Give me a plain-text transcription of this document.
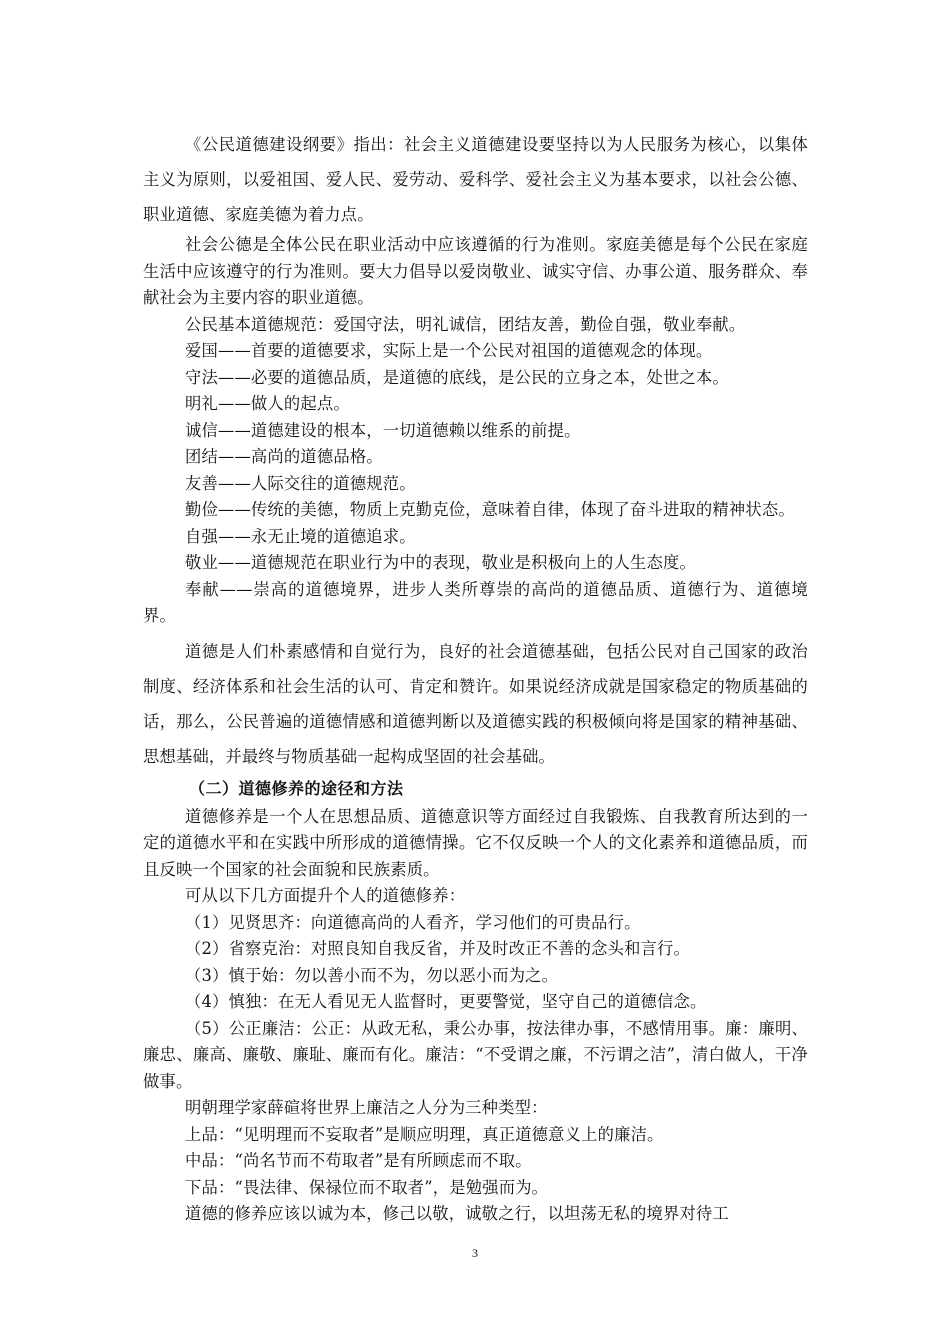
《公民道德建设纲要》指出：社会主义道德建设要坚持以为人民服务为核心，以集体主义为原则，以爱祖国、爱人民、爱劳动、爱科学、爱社会主义为基本要求，以社会公德、职业道德、家庭美德为着力点。

社会公德是全体公民在职业活动中应该遵循的行为准则。家庭美德是每个公民在家庭生活中应该遵守的行为准则。要大力倡导以爱岗敬业、诚实守信、办事公道、服务群众、奉献社会为主要内容的职业道德。

公民基本道德规范：爱国守法，明礼诚信，团结友善，勤俭自强，敬业奉献。

爱国——首要的道德要求，实际上是一个公民对祖国的道德观念的体现。

守法——必要的道德品质，是道德的底线，是公民的立身之本，处世之本。

明礼——做人的起点。

诚信——道德建设的根本，一切道德赖以维系的前提。

团结——高尚的道德品格。

友善——人际交往的道德规范。

勤俭——传统的美德，物质上克勤克俭，意味着自律，体现了奋斗进取的精神状态。

自强——永无止境的道德追求。

敬业——道德规范在职业行为中的表现，敬业是积极向上的人生态度。

奉献——崇高的道德境界，进步人类所尊崇的高尚的道德品质、道德行为、道德境界。

道德是人们朴素感情和自觉行为，良好的社会道德基础，包括公民对自己国家的政治制度、经济体系和社会生活的认可、肯定和赞许。如果说经济成就是国家稳定的物质基础的话，那么，公民普遍的道德情感和道德判断以及道德实践的积极倾向将是国家的精神基础、思想基础，并最终与物质基础一起构成坚固的社会基础。

（二）道德修养的途径和方法

道德修养是一个人在思想品质、道德意识等方面经过自我锻炼、自我教育所达到的一定的道德水平和在实践中所形成的道德情操。它不仅反映一个人的文化素养和道德品质，而且反映一个国家的社会面貌和民族素质。

可从以下几方面提升个人的道德修养：

（1）见贤思齐：向道德高尚的人看齐，学习他们的可贵品行。

（2）省察克治：对照良知自我反省，并及时改正不善的念头和言行。

（3）慎于始：勿以善小而不为，勿以恶小而为之。

（4）慎独：在无人看见无人监督时，更要警觉，坚守自己的道德信念。

（5）公正廉洁：公正：从政无私，秉公办事，按法律办事，不感情用事。廉：廉明、廉忠、廉高、廉敬、廉耻、廉而有化。廉洁：“不受谓之廉，不污谓之洁”，清白做人，干净做事。

明朝理学家薛碹将世界上廉洁之人分为三种类型：

上品：“见明理而不妄取者”是顺应明理，真正道德意义上的廉洁。

中品：“尚名节而不苟取者”是有所顾虑而不取。

下品：“畏法律、保禄位而不取者”，是勉强而为。

道德的修养应该以诚为本，修己以敬，诚敬之行，以坦荡无私的境界对待工

3
